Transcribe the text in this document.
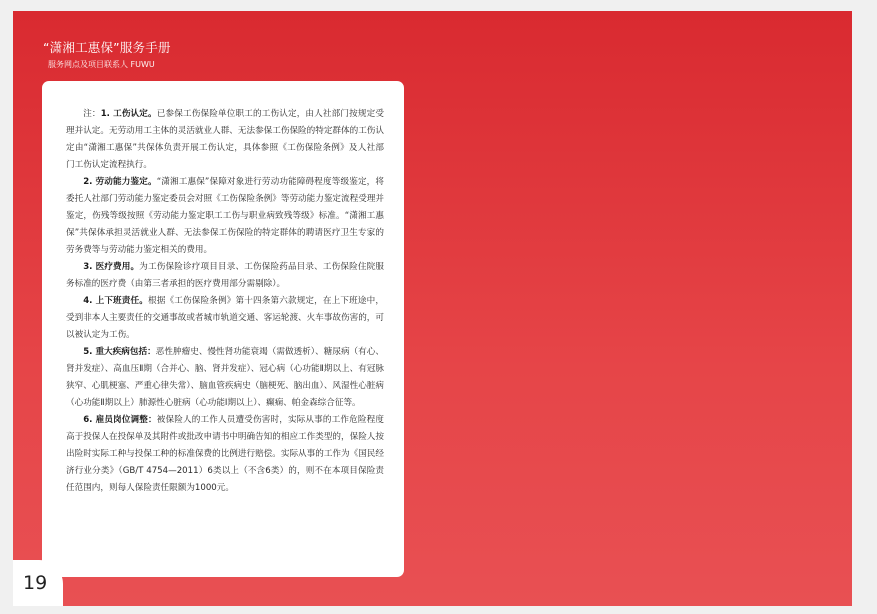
“潇湘工惠保”服务手册
服务网点及项目联系人 FUWU

注：1. 工伤认定。已参保工伤保险单位职工的工伤认定，由人社部门按规定受理并认定。无劳动用工主体的灵活就业人群、无法参保工伤保险的特定群体的工伤认定由“潇湘工惠保”共保体负责开展工伤认定，具体参照《工伤保险条例》及人社部门工伤认定流程执行。

2. 劳动能力鉴定。“潇湘工惠保”保障对象进行劳动功能障碍程度等级鉴定，将委托人社部门劳动能力鉴定委员会对照《工伤保险条例》等劳动能力鉴定流程受理并鉴定，伤残等级按照《劳动能力鉴定职工工伤与职业病致残等级》标准。“潇湘工惠保”共保体承担灵活就业人群、无法参保工伤保险的特定群体的聘请医疗卫生专家的劳务费等与劳动能力鉴定相关的费用。

3. 医疗费用。为工伤保险诊疗项目目录、工伤保险药品目录、工伤保险住院服务标准的医疗费（由第三者承担的医疗费用部分需剔除）。

4. 上下班责任。根据《工伤保险条例》第十四条第六款规定，在上下班途中，受到非本人主要责任的交通事故或者城市轨道交通、客运轮渡、火车事故伤害的，可以被认定为工伤。

5. 重大疾病包括：恶性肿瘤史、慢性肾功能衰竭（需做透析）、糖尿病（有心、肾并发症）、高血压Ⅱ期（合并心、脑、肾并发症）、冠心病（心功能Ⅱ期以上、有冠脉狭窄、心肌梗塞、严重心律失常）、脑血管疾病史（脑梗死、脑出血）、风湿性心脏病（心功能Ⅱ期以上）肺源性心脏病（心功能Ⅰ期以上）、癫痫、帕金森综合征等。

6. 雇员岗位调整：被保险人的工作人员遭受伤害时，实际从事的工作危险程度高于投保人在投保单及其附件或批改申请书中明确告知的相应工作类型的，保险人按出险时实际工种与投保工种的标准保费的比例进行赔偿。实际从事的工作为《国民经济行业分类》（GB/T 4754—2011）6类以上（不含6类）的，则不在本项目保险责任范围内，则每人保险责任限额为1000元。

19
